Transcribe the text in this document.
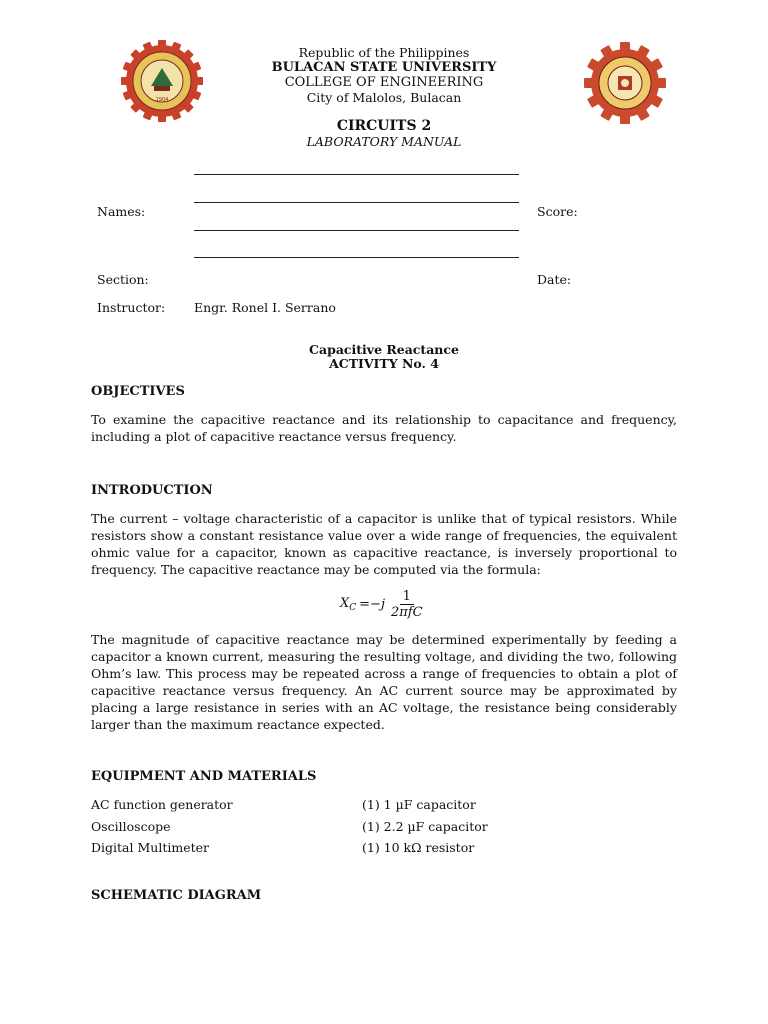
1904
Republic of the Philippines
BULACAN STATE UNIVERSITY
COLLEGE OF ENGINEERING
City of Malolos, Bulacan
CIRCUITS 2
LABORATORY MANUAL
Names:	Score:
Section:	Date:
Instructor: Engr. Ronel I. Serrano
Capacitive Reactance
ACTIVITY No. 4
OBJECTIVES
To examine the capacitive reactance and its relationship to capacitance and frequency, including a plot of capacitive reactance versus frequency.
INTRODUCTION
The current – voltage characteristic of a capacitor is unlike that of typical resistors. While resistors show a constant resistance value over a wide range of frequencies, the equivalent ohmic value for a capacitor, known as capacitive reactance, is inversely proportional to frequency. The capacitive reactance may be computed via the formula:
$X_C =-j \frac{1}{\text{2πfC}}$
The magnitude of capacitive reactance may be determined experimentally by feeding a capacitor a known current, measuring the resulting voltage, and dividing the two, following Ohm’s law. This process may be repeated across a range of frequencies to obtain a plot of capacitive reactance versus frequency. An AC current source may be approximated by placing a large resistance in series with an AC voltage, the resistance being considerably larger than the maximum reactance expected.
EQUIPMENT AND MATERIALS
AC function generator
Oscilloscope
Digital Multimeter
(1) 1 µF capacitor
(1) 2.2 µF capacitor
(1) 10 kΩ resistor
SCHEMATIC DIAGRAM
